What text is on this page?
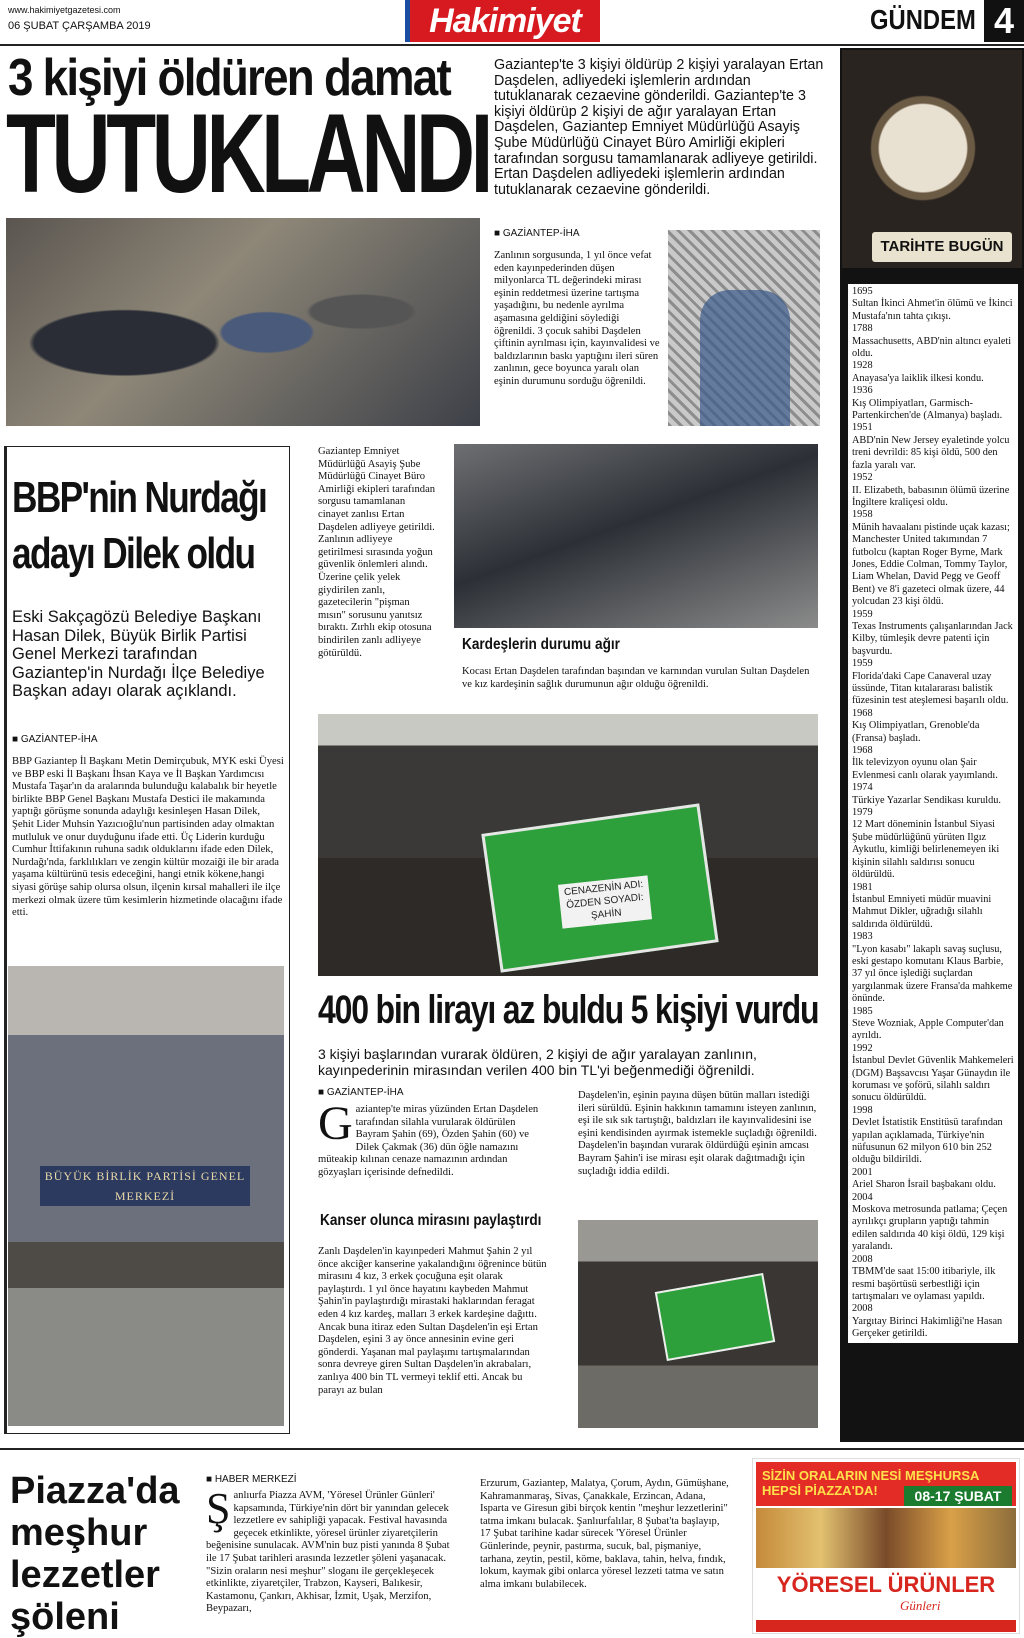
www.hakimiyetgazetesi.com
06 ŞUBAT ÇARŞAMBA 2019	Hakimiyet	GÜNDEM 4
3 kişiyi öldüren damat
TUTUKLANDI
Gaziantep'te 3 kişiyi öldürüp 2 kişiyi yaralayan Ertan Daşdelen, adliyedeki işlemlerin ardından tutuklanarak cezaevine gönderildi. Gaziantep'te 3 kişiyi öldürüp 2 kişiyi de ağır yaralayan Ertan Daşdelen, Gaziantep Emniyet Müdürlüğü Asayiş Şube Müdürlüğü Cinayet Büro Amirliği ekipleri tarafından sorgusu tamamlanarak adliyeye getirildi. Ertan Daşdelen adliyedeki işlemlerin ardından tutuklanarak cezaevine gönderildi.
■ GAZİANTEP-İHA
Zanlının sorgusunda, 1 yıl önce vefat eden kayınpederinden düşen milyonlarca TL değerindeki mirası eşinin reddetmesi üzerine tartışma yaşadığını, bu nedenle ayrılma aşamasına geldiğini söylediği öğrenildi. 3 çocuk sahibi Daşdelen çiftinin ayrılması için, kayınvalidesi ve baldızlarının baskı yaptığını ileri süren zanlının, gece boyunca yaralı olan eşinin durumunu sorduğu öğrenildi.
Gaziantep Emniyet Müdürlüğü Asayiş Şube Müdürlüğü Cinayet Büro Amirliği ekipleri tarafından sorgusu tamamlanan cinayet zanlısı Ertan Daşdelen adliyeye getirildi. Zanlının adliyeye getirilmesi sırasında yoğun güvenlik önlemleri alındı. Üzerine çelik yelek giydirilen zanlı, gazetecilerin "pişman mısın" sorusunu yanıtsız bıraktı. Zırhlı ekip otosuna bindirilen zanlı adliyeye götürüldü.	Kardeşlerin durumu ağır
Kocası Ertan Daşdelen tarafından başından ve karnından vurulan Sultan Daşdelen ve kız kardeşinin sağlık durumunun ağır olduğu öğrenildi.
TARİHTE BUGÜN
1695
Sultan İkinci Ahmet'in ölümü ve İkinci Mustafa'nın tahta çıkışı.
1788
Massachusetts, ABD'nin altıncı eyaleti oldu.
1928
Anayasa'ya laiklik ilkesi kondu.
1936
Kış Olimpiyatları, Garmisch-Partenkirchen'de (Almanya) başladı.
1951
ABD'nin New Jersey eyaletinde yolcu treni devrildi: 85 kişi öldü, 500 den fazla yaralı var.
1952
II. Elizabeth, babasının ölümü üzerine İngiltere kraliçesi oldu.
1958
Münih havaalanı pistinde uçak kazası; Manchester United takımından 7 futbolcu (kaptan Roger Byrne, Mark Jones, Eddie Colman, Tommy Taylor, Liam Whelan, David Pegg ve Geoff Bent) ve 8'i gazeteci olmak üzere, 44 yolcudan 23 kişi öldü.
1959
Texas Instruments çalışanlarından Jack Kilby, tümleşik devre patenti için başvurdu.
1959
Florida'daki Cape Canaveral uzay üssünde, Titan kıtalararası balistik füzesinin test ateşlemesi başarılı oldu.
1968
Kış Olimpiyatları, Grenoble'da (Fransa) başladı.
1968
İlk televizyon oyunu olan Şair Evlenmesi canlı olarak yayımlandı.
1974
Türkiye Yazarlar Sendikası kuruldu.
1979
12 Mart döneminin İstanbul Siyasi Şube müdürlüğünü yürüten Ilgız Aykutlu, kimliği belirlenemeyen iki kişinin silahlı saldırısı sonucu öldürüldü.
1981
İstanbul Emniyeti müdür muavini Mahmut Dikler, uğradığı silahlı saldırıda öldürüldü.
1983
"Lyon kasabı" lakaplı savaş suçlusu, eski gestapo komutanı Klaus Barbie, 37 yıl önce işlediği suçlardan yargılanmak üzere Fransa'da mahkeme önünde.
1985
Steve Wozniak, Apple Computer'dan ayrıldı.
1992
İstanbul Devlet Güvenlik Mahkemeleri (DGM) Başsavcısı Yaşar Günaydın ile koruması ve şoförü, silahlı saldırı sonucu öldürüldü.
1998
Devlet İstatistik Enstitüsü tarafından yapılan açıklamada, Türkiye'nin nüfusunun 62 milyon 610 bin 252 olduğu bildirildi.
2001
Ariel Sharon İsrail başbakanı oldu.
2004
Moskova metrosunda patlama; Çeçen ayrılıkçı grupların yaptığı tahmin edilen saldırıda 40 kişi öldü, 129 kişi yaralandı.
2008
TBMM'de saat 15:00 itibariyle, ilk resmi başörtüsü serbestliği için tartışmaları ve oylaması yapıldı.
2008
Yargıtay Birinci Hakimliği'ne Hasan Gerçeker getirildi.
BBP'nin Nurdağı
adayı Dilek oldu
Eski Sakçagözü Belediye Başkanı Hasan Dilek, Büyük Birlik Partisi Genel Merkezi tarafından Gaziantep'in Nurdağı İlçe Belediye Başkan adayı olarak açıklandı.
■ GAZİANTEP-İHA
BBP Gaziantep İl Başkanı Metin Demirçubuk, MYK eski Üyesi ve BBP eski İl Başkanı İhsan Kaya ve İl Başkan Yardımcısı Mustafa Taşar'ın da aralarında bulunduğu kalabalık bir heyetle birlikte BBP Genel Başkanı Mustafa Destici ile makamında yaptığı görüşme sonunda adaylığı kesinleşen Hasan Dilek, Şehit Lider Muhsin Yazıcıoğlu'nun partisinden aday olmaktan mutluluk ve onur duyduğunu ifade etti. Üç Liderin kurduğu Cumhur İttifakının ruhuna sadık olduklarını ifade eden Dilek, Nurdağı'nda, farklılıkları ve zengin kültür mozaiği ile bir arada yaşama kültürünü tesis edeceğini, hangi etnik kökene,hangi siyasi görüşe sahip olursa olsun, ilçenin kırsal mahalleri ile ilçe merkezi olmak üzere tüm kesimlerin hizmetinde olacağını ifade etti.
BÜYÜK BİRLİK PARTİSİ GENEL MERKEZİ
CENAZENİN ADI: ÖZDEN SOYADI: ŞAHİN
400 bin lirayı az buldu 5 kişiyi vurdu
3 kişiyi başlarından vurarak öldüren, 2 kişiyi de ağır yaralayan zanlının, kayınpederinin mirasından verilen 400 bin TL'yi beğenmediği öğrenildi.
■ GAZİANTEP-İHA
Gaziantep'te miras yüzünden Ertan Daşdelen tarafından silahla vurularak öldürülen Bayram Şahin (69), Özden Şahin (60) ve Dilek Çakmak (36) dün öğle namazını müteakip kılınan cenaze namazının ardından gözyaşları içerisinde defnedildi.
Kanser olunca mirasını paylaştırdı
Zanlı Daşdelen'in kayınpederi Mahmut Şahin 2 yıl önce akciğer kanserine yakalandığını öğrenince bütün mirasını 4 kız, 3 erkek çocuğuna eşit olarak paylaştırdı. 1 yıl önce hayatını kaybeden Mahmut Şahin'in paylaştırdığı mirastaki haklarından feragat eden 4 kız kardeş, malları 3 erkek kardeşine dağıttı. Ancak buna itiraz eden Sultan Daşdelen'in eşi Ertan Daşdelen, eşini 3 ay önce annesinin evine geri gönderdi. Yaşanan mal paylaşımı tartışmalarından sonra devreye giren Sultan Daşdelen'in akrabaları, zanlıya 400 bin TL vermeyi teklif etti. Ancak bu parayı az bulan
Daşdelen'in, eşinin payına düşen bütün malları istediği ileri sürüldü. Eşinin hakkının tamamını isteyen zanlının, eşi ile sık sık tartıştığı, baldızları ile kayınvalidesini ise eşini kendisinden ayırmak istemekle suçladığı öğrenildi. Daşdelen'in başından vurarak öldürdüğü eşinin amcası Bayram Şahin'i ise mirası eşit olarak dağıtmadığı için suçladığı iddia edildi.
Piazza'da meşhur lezzetler şöleni
■ HABER MERKEZİ
Şanlıurfa Piazza AVM, 'Yöresel Ürünler Günleri' kapsamında, Türkiye'nin dört bir yanından gelecek lezzetlere ev sahipliği yapacak. Festival havasında geçecek etkinlikte, yöresel ürünler ziyaretçilerin beğenisine sunulacak. AVM'nin buz pisti yanında 8 Şubat ile 17 Şubat tarihleri arasında lezzetler şöleni yaşanacak. "Sizin oraların nesi meşhur" sloganı ile gerçekleşecek etkinlikte, ziyaretçiler, Trabzon, Kayseri, Balıkesir, Kastamonu, Çankırı, Akhisar, İzmit, Uşak, Merzifon, Beypazarı,
Erzurum, Gaziantep, Malatya, Çorum, Aydın, Gümüşhane, Kahramanmaraş, Sivas, Çanakkale, Erzincan, Adana, Isparta ve Giresun gibi birçok kentin "meşhur lezzetlerini" tatma imkanı bulacak. Şanlıurfalılar, 8 Şubat'ta başlayıp, 17 Şubat tarihine kadar sürecek 'Yöresel Ürünler Günlerinde, peynir, pastırma, sucuk, bal, pişmaniye, tarhana, zeytin, pestil, köme, baklava, tahin, helva, fındık, lokum, kaymak gibi onlarca yöresel lezzeti tatma ve satın alma imkanı bulabilecek.
SİZİN ORALARIN NESİ MEŞHURSA
HEPSİ PİAZZA'DA!	08-17 ŞUBAT
YÖRESEL ÜRÜNLER
Günleri
